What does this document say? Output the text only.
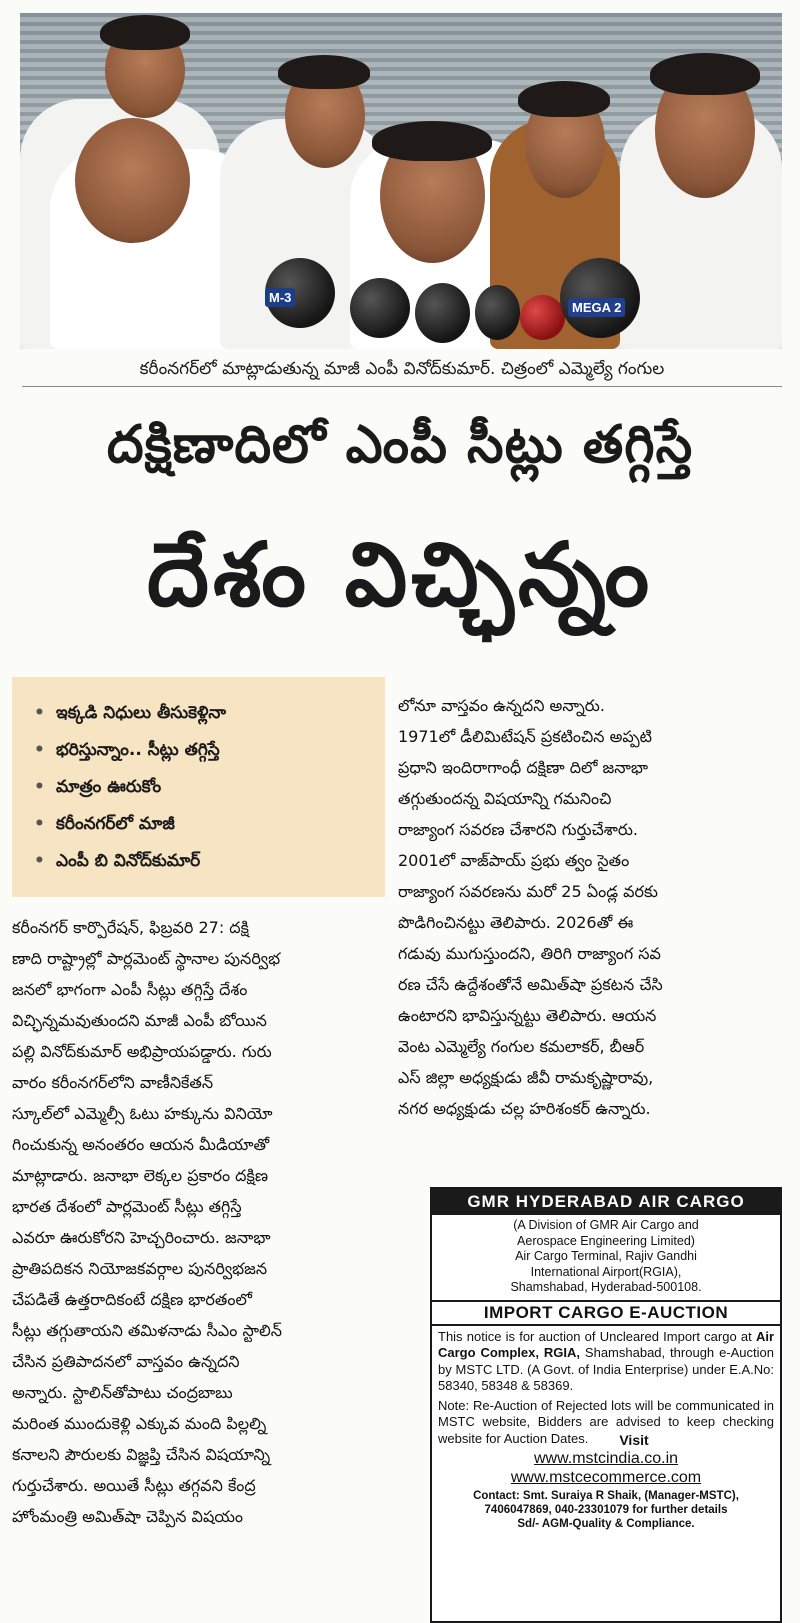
M-3
MEGA 2
కరీంనగర్‌లో మాట్లాడుతున్న మాజీ ఎంపీ వినోద్‌కుమార్. చిత్రంలో ఎమ్మెల్యే గంగుల
దక్షిణాదిలో ఎంపీ సీట్లు తగ్గిస్తే
దేశం విచ్ఛిన్నం
• ఇక్కడి నిధులు తీసుకెళ్లినా
• భరిస్తున్నాం.. సీట్లు తగ్గిస్తే
• మాత్రం ఊరుకోం
• కరీంనగర్‌లో మాజీ
• ఎంపీ బి వినోద్‌కుమార్
కరీంనగర్ కార్పొరేషన్, ఫిబ్రవరి 27: దక్షి
ణాది రాష్ట్రాల్లో పార్లమెంట్ స్థానాల పునర్విభ
జనలో భాగంగా ఎంపీ సీట్లు తగ్గిస్తే దేశం
విచ్ఛిన్నమవుతుందని మాజీ ఎంపీ బోయిన
పల్లి వినోద్‌కుమార్ అభిప్రాయపడ్డారు. గురు
వారం కరీంనగర్‌లోని వాణీనికేతన్
స్కూల్‌లో ఎమ్మెల్సీ ఓటు హక్కును వినియో
గించుకున్న అనంతరం ఆయన మీడియాతో
మాట్లాడారు. జనాభా లెక్కల ప్రకారం దక్షిణ
భారత దేశంలో పార్లమెంట్ సీట్లు తగ్గిస్తే
ఎవరూ ఊరుకోరని హెచ్చరించారు. జనాభా
ప్రాతిపదికన నియోజకవర్గాల పునర్విభజన
చేపడితే ఉత్తరాదికంటే దక్షిణ భారతంలో
సీట్లు తగ్గుతాయని తమిళనాడు సీఎం స్టాలిన్
చేసిన ప్రతిపాదనలో వాస్తవం ఉన్నదని
అన్నారు. స్టాలిన్‌తోపాటు చంద్రబాబు
మరింత ముందుకెళ్లి ఎక్కువ మంది పిల్లల్ని
కనాలని పౌరులకు విజ్ఞప్తి చేసిన విషయాన్ని
గుర్తుచేశారు. అయితే సీట్లు తగ్గవని కేంద్ర
హోంమంత్రి అమిత్‌షా చెప్పిన విషయం
లోనూ వాస్తవం ఉన్నదని అన్నారు.
1971లో డీలిమిటేషన్ ప్రకటించిన అప్పటి
ప్రధాని ఇందిరాగాంధీ దక్షిణా దిలో జనాభా
తగ్గుతుందన్న విషయాన్ని గమనించి
రాజ్యాంగ సవరణ చేశారని గుర్తుచేశారు.
2001లో వాజ్‌పాయ్ ప్రభు త్వం సైతం
రాజ్యాంగ సవరణను మరో 25 ఏండ్ల వరకు
పొడిగించినట్టు తెలిపారు. 2026తో ఈ
గడువు ముగుస్తుందని, తిరిగి రాజ్యాంగ సవ
రణ చేసే ఉద్దేశంతోనే అమిత్‌షా ప్రకటన చేసి
ఉంటారని భావిస్తున్నట్టు తెలిపారు. ఆయన
వెంట ఎమ్మెల్యే గంగుల కమలాకర్, బీఆర్
ఎస్ జిల్లా అధ్యక్షుడు జీవీ రామకృష్ణారావు,
నగర అధ్యక్షుడు చల్ల హరిశంకర్ ఉన్నారు.
GMR HYDERABAD AIR CARGO
(A Division of GMR Air Cargo and
Aerospace Engineering Limited)
Air Cargo Terminal, Rajiv Gandhi
International Airport(RGIA),
Shamshabad, Hyderabad-500108.
IMPORT CARGO E-AUCTION
This notice is for auction of Uncleared Import cargo at Air Cargo Complex, RGIA, Shamshabad, through e-Auction by MSTC LTD. (A Govt. of India Enterprise) under E.A.No: 58340, 58348 & 58369.
Note: Re-Auction of Rejected lots will be communicated in MSTC website, Bidders are advised to keep checking website for Auction Dates.	Visit
www.mstcindia.co.in
www.mstcecommerce.com
Contact: Smt. Suraiya R Shaik, (Manager-MSTC),
7406047869, 040-23301079 for further details
Sd/- AGM-Quality & Compliance.
